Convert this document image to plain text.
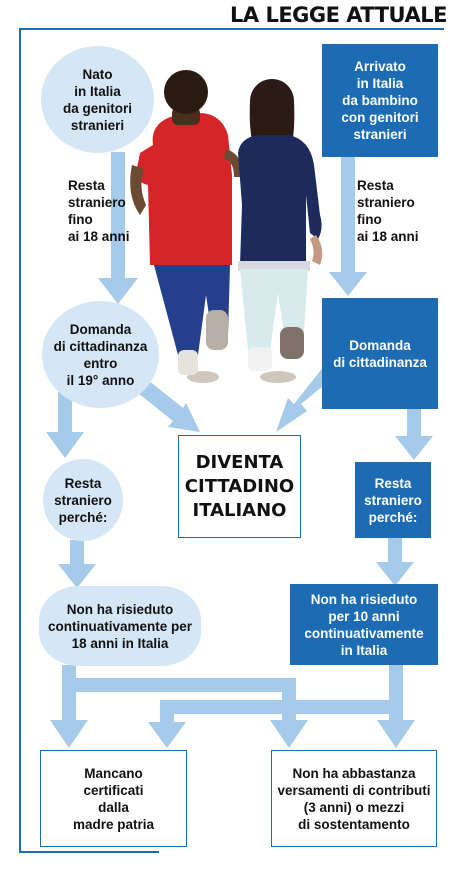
LA LEGGE ATTUALE
Nato
in Italia
da genitori
stranieri
Resta
straniero
fino
ai 18 anni
Domanda
di cittadinanza
entro
il 19° anno
Resta
straniero
perché:
Non ha risieduto
continuativamente per
18 anni in Italia
Arrivato
in Italia
da bambino
con genitori
stranieri
Resta
straniero
fino
ai 18 anni
Domanda
di cittadinanza
Resta
straniero
perché:
Non ha risieduto
per 10 anni
continuativamente
in Italia
DIVENTA
CITTADINO
ITALIANO
Mancano
certificati
dalla
madre patria
Non ha abbastanza
versamenti di contributi
(3 anni) o mezzi
di sostentamento
